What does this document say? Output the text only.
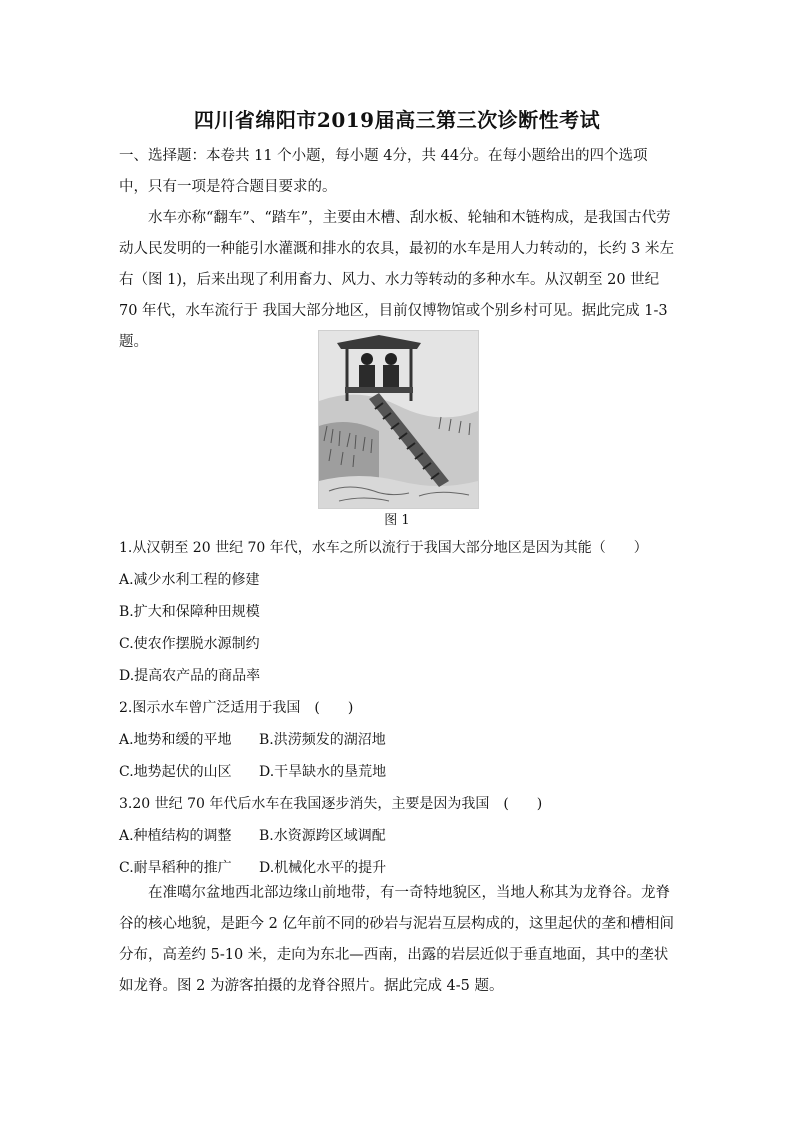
四川省绵阳市2019届高三第三次诊断性考试
一、选择题：本卷共 11 个小题，每小题 4分，共 44分。在每小题给出的四个选项中，只有一项是符合题目要求的。
水车亦称“翻车”、“踏车”，主要由木槽、刮水板、轮轴和木链构成，是我国古代劳动人民发明的一种能引水灌溉和排水的农具，最初的水车是用人力转动的，长约 3 米左右（图 1)，后来出现了利用畜力、风力、水力等转动的多种水车。从汉朝至 20 世纪 70 年代，水车流行于 我国大部分地区，目前仅博物馆或个别乡村可见。据此完成 1-3 题。
图 1
1.从汉朝至 20 世纪 70 年代，水车之所以流行于我国大部分地区是因为其能（　　）
A.减少水利工程的修建
B.扩大和保障种田规模
C.使农作摆脱水源制约
D.提高农产品的商品率
2.图示水车曾广泛适用于我国　(　　)
A.地势和缓的平地 B.洪涝频发的湖沼地
C.地势起伏的山区 D.干旱缺水的垦荒地
3.20 世纪 70 年代后水车在我国逐步消失，主要是因为我国　(　　)
A.种植结构的调整 B.水资源跨区域调配
C.耐旱稻种的推广 D.机械化水平的提升
在准噶尔盆地西北部边缘山前地带，有一奇特地貌区，当地人称其为龙脊谷。龙脊谷的核心地貌，是距今 2 亿年前不同的砂岩与泥岩互层构成的，这里起伏的垄和槽相间分布，高差约 5-10 米，走向为东北—西南，出露的岩层近似于垂直地面，其中的垄状如龙脊。图 2 为游客拍摄的龙脊谷照片。据此完成 4-5 题。
